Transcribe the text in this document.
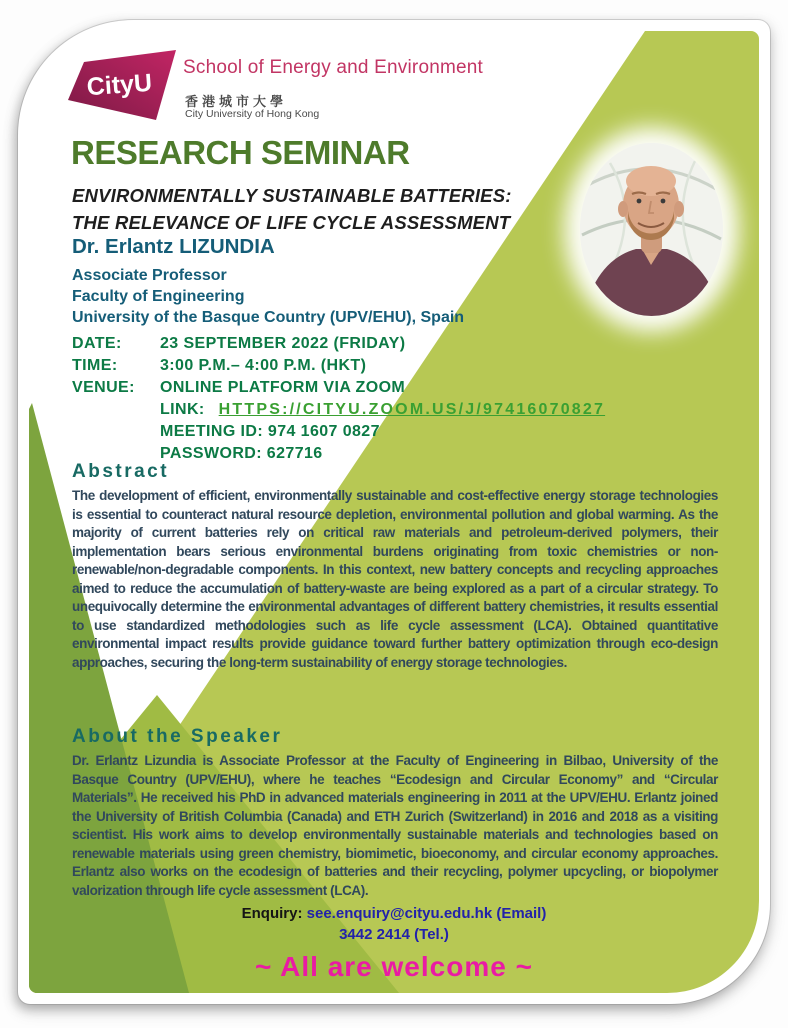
CityU
School of Energy and Environment
香港城市大學
City University of Hong Kong
RESEARCH SEMINAR
ENVIRONMENTALLY SUSTAINABLE BATTERIES:
THE RELEVANCE OF LIFE CYCLE ASSESSMENT
Dr. Erlantz LIZUNDIA
Associate Professor
Faculty of Engineering
University of the Basque Country (UPV/EHU), Spain
DATE:	23 SEPTEMBER 2022 (FRIDAY)
TIME:	3:00 P.M.– 4:00 P.M. (HKT)
VENUE:	ONLINE PLATFORM VIA ZOOM
LINK: HTTPS://CITYU.ZOOM.US/J/97416070827
MEETING ID: 974 1607 0827
PASSWORD: 627716
Abstract
The development of efficient, environmentally sustainable and cost-effective energy storage technologies is essential to counteract natural resource depletion, environmental pollution and global warming. As the majority of current batteries rely on critical raw materials and petroleum-derived polymers, their implementation bears serious environmental burdens originating from toxic chemistries or non-renewable/non-degradable components. In this context, new battery concepts and recycling approaches aimed to reduce the accumulation of battery-waste are being explored as a part of a circular strategy. To unequivocally determine the environmental advantages of different battery chemistries, it results essential to use standardized methodologies such as life cycle assessment (LCA). Obtained quantitative environmental impact results provide guidance toward further battery optimization through eco-design approaches, securing the long-term sustainability of energy storage technologies.
About the Speaker
Dr. Erlantz Lizundia is Associate Professor at the Faculty of Engineering in Bilbao, University of the Basque Country (UPV/EHU), where he teaches “Ecodesign and Circular Economy” and “Circular Materials”. He received his PhD in advanced materials engineering in 2011 at the UPV/EHU. Erlantz joined the University of British Columbia (Canada) and ETH Zurich (Switzerland) in 2016 and 2018 as a visiting scientist. His work aims to develop environmentally sustainable materials and technologies based on renewable materials using green chemistry, biomimetic, bioeconomy, and circular economy approaches. Erlantz also works on the ecodesign of batteries and their recycling, polymer upcycling, or biopolymer valorization through life cycle assessment (LCA).
Enquiry: see.enquiry@cityu.edu.hk (Email)
3442 2414 (Tel.)
~ All are welcome ~
